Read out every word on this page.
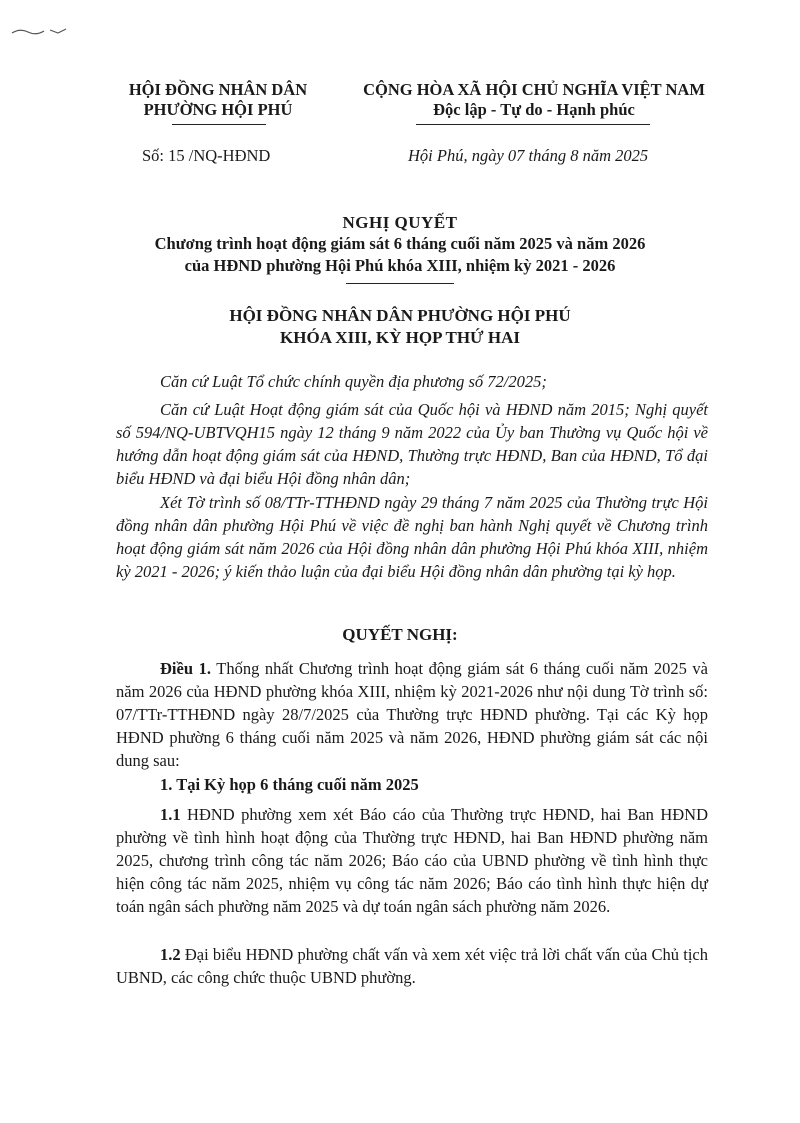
HỘI ĐỒNG NHÂN DÂN
PHƯỜNG HỘI PHÚ
CỘNG HÒA XÃ HỘI CHỦ NGHĨA VIỆT NAM
Độc lập - Tự do - Hạnh phúc
Số: 15 /NQ-HĐND	Hội Phú, ngày 07 tháng 8 năm 2025
NGHỊ QUYẾT
Chương trình hoạt động giám sát 6 tháng cuối năm 2025 và năm 2026
của HĐND phường Hội Phú khóa XIII, nhiệm kỳ 2021 - 2026
HỘI ĐỒNG NHÂN DÂN PHƯỜNG HỘI PHÚ
KHÓA XIII, KỲ HỌP THỨ HAI
Căn cứ Luật Tổ chức chính quyền địa phương số 72/2025;
Căn cứ Luật Hoạt động giám sát của Quốc hội và HĐND năm 2015; Nghị quyết số 594/NQ-UBTVQH15 ngày 12 tháng 9 năm 2022 của Ủy ban Thường vụ Quốc hội về hướng dẫn hoạt động giám sát của HĐND, Thường trực HĐND, Ban của HĐND, Tổ đại biểu HĐND và đại biểu Hội đồng nhân dân;
Xét Tờ trình số 08/TTr-TTHĐND ngày 29 tháng 7 năm 2025 của Thường trực Hội đồng nhân dân phường Hội Phú về việc đề nghị ban hành Nghị quyết về Chương trình hoạt động giám sát năm 2026 của Hội đồng nhân dân phường Hội Phú khóa XIII, nhiệm kỳ 2021 - 2026; ý kiến thảo luận của đại biểu Hội đồng nhân dân phường tại kỳ họp.
QUYẾT NGHỊ:
Điều 1. Thống nhất Chương trình hoạt động giám sát 6 tháng cuối năm 2025 và năm 2026 của HĐND phường khóa XIII, nhiệm kỳ 2021-2026 như nội dung Tờ trình số: 07/TTr-TTHĐND ngày 28/7/2025 của Thường trực HĐND phường. Tại các Kỳ họp HĐND phường 6 tháng cuối năm 2025 và năm 2026, HĐND phường giám sát các nội dung sau:
1. Tại Kỳ họp 6 tháng cuối năm 2025
1.1 HĐND phường xem xét Báo cáo của Thường trực HĐND, hai Ban HĐND phường về tình hình hoạt động của Thường trực HĐND, hai Ban HĐND phường năm 2025, chương trình công tác năm 2026; Báo cáo của UBND phường về tình hình thực hiện công tác năm 2025, nhiệm vụ công tác năm 2026; Báo cáo tình hình thực hiện dự toán ngân sách phường năm 2025 và dự toán ngân sách phường năm 2026.
1.2 Đại biểu HĐND phường chất vấn và xem xét việc trả lời chất vấn của Chủ tịch UBND, các công chức thuộc UBND phường.
